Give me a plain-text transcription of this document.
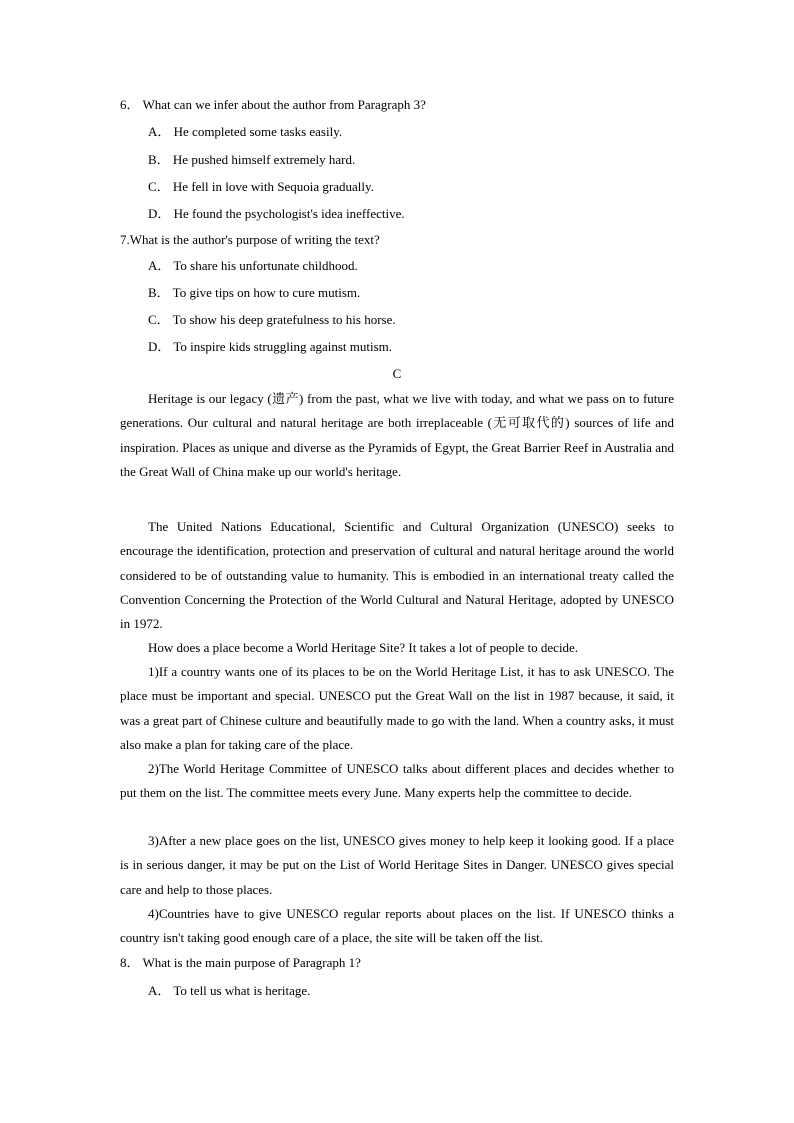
6． What can we infer about the author from Paragraph 3?
A． He completed some tasks easily.
B． He pushed himself extremely hard.
C． He fell in love with Sequoia gradually.
D． He found the psychologist's idea ineffective.
7.What is the author's purpose of writing the text?
A． To share his unfortunate childhood.
B． To give tips on how to cure mutism.
C． To show his deep gratefulness to his horse.
D． To inspire kids struggling against mutism.
C

Heritage is our legacy (遗产) from the past, what we live with today, and what we pass on to future generations. Our cultural and natural heritage are both irreplaceable (无可取代的) sources of life and inspiration. Places as unique and diverse as the Pyramids of Egypt, the Great Barrier Reef in Australia and the Great Wall of China make up our world's heritage.

The United Nations Educational, Scientific and Cultural Organization (UNESCO) seeks to encourage the identification, protection and preservation of cultural and natural heritage around the world considered to be of outstanding value to humanity. This is embodied in an international treaty called the Convention Concerning the Protection of the World Cultural and Natural Heritage, adopted by UNESCO in 1972.

How does a place become a World Heritage Site? It takes a lot of people to decide.

1)If a country wants one of its places to be on the World Heritage List, it has to ask UNESCO. The place must be important and special. UNESCO put the Great Wall on the list in 1987 because, it said, it was a great part of Chinese culture and beautifully made to go with the land. When a country asks, it must also make a plan for taking care of the place.

2)The World Heritage Committee of UNESCO talks about different places and decides whether to put them on the list. The committee meets every June. Many experts help the committee to decide.

3)After a new place goes on the list, UNESCO gives money to help keep it looking good. If a place is in serious danger, it may be put on the List of World Heritage Sites in Danger. UNESCO gives special care and help to those places.

4)Countries have to give UNESCO regular reports about places on the list. If UNESCO thinks a country isn't taking good enough care of a place, the site will be taken off the list.

8． What is the main purpose of Paragraph 1?
A． To tell us what is heritage.
